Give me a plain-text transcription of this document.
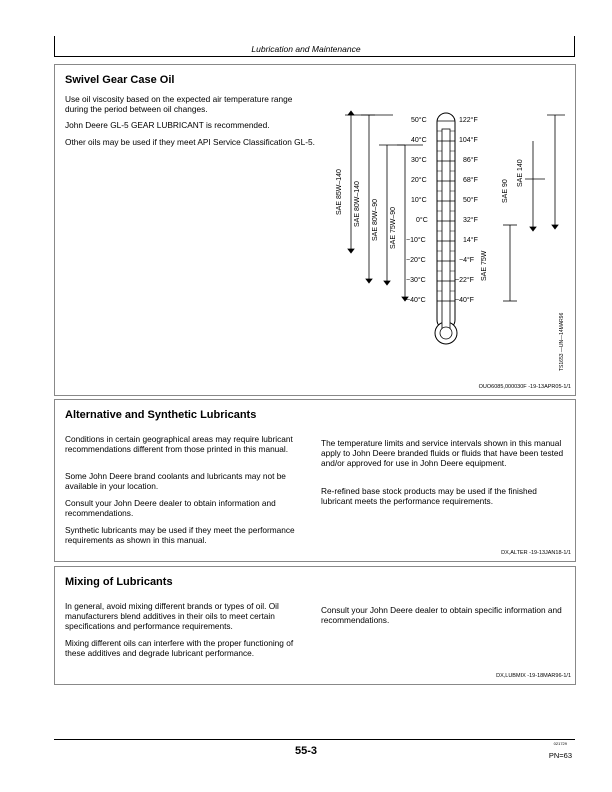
Lubrication and Maintenance
Swivel Gear Case Oil
Use oil viscosity based on the expected air temperature range during the period between oil changes.
John Deere GL-5 GEAR LUBRICANT is recommended.
Other oils may be used if they meet API Service Classification GL-5.
50°C
40°C
30°C
20°C
10°C
0°C
−10°C
−20°C
−30°C
−40°C
122°F
104°F
86°F
68°F
50°F
32°F
14°F
−4°F
−22°F
−40°F
SAE 85W–140 SAE 80W–140 SAE 80W–90 SAE 75W–90
SAE 75W
SAE 90
SAE 140
TS1653 —UN—14MAR96
OUO6085,000030F -19-13APR05-1/1
Alternative and Synthetic Lubricants
Conditions in certain geographical areas may require lubricant recommendations different from those printed in this manual.
Some John Deere brand coolants and lubricants may not be available in your location.
Consult your John Deere dealer to obtain information and recommendations.
Synthetic lubricants may be used if they meet the performance requirements as shown in this manual.
The temperature limits and service intervals shown in this manual apply to John Deere branded fluids or fluids that have been tested and/or approved for use in John Deere equipment.
Re-refined base stock products may be used if the finished lubricant meets the performance requirements.
DX,ALTER -19-13JAN18-1/1
Mixing of Lubricants
In general, avoid mixing different brands or types of oil. Oil manufacturers blend additives in their oils to meet certain specifications and performance requirements.
Mixing different oils can interfere with the proper functioning of these additives and degrade lubricant performance.
Consult your John Deere dealer to obtain specific information and recommendations.
DX,LUBMIX -19-18MAR96-1/1
55-3
021729
PN=63
